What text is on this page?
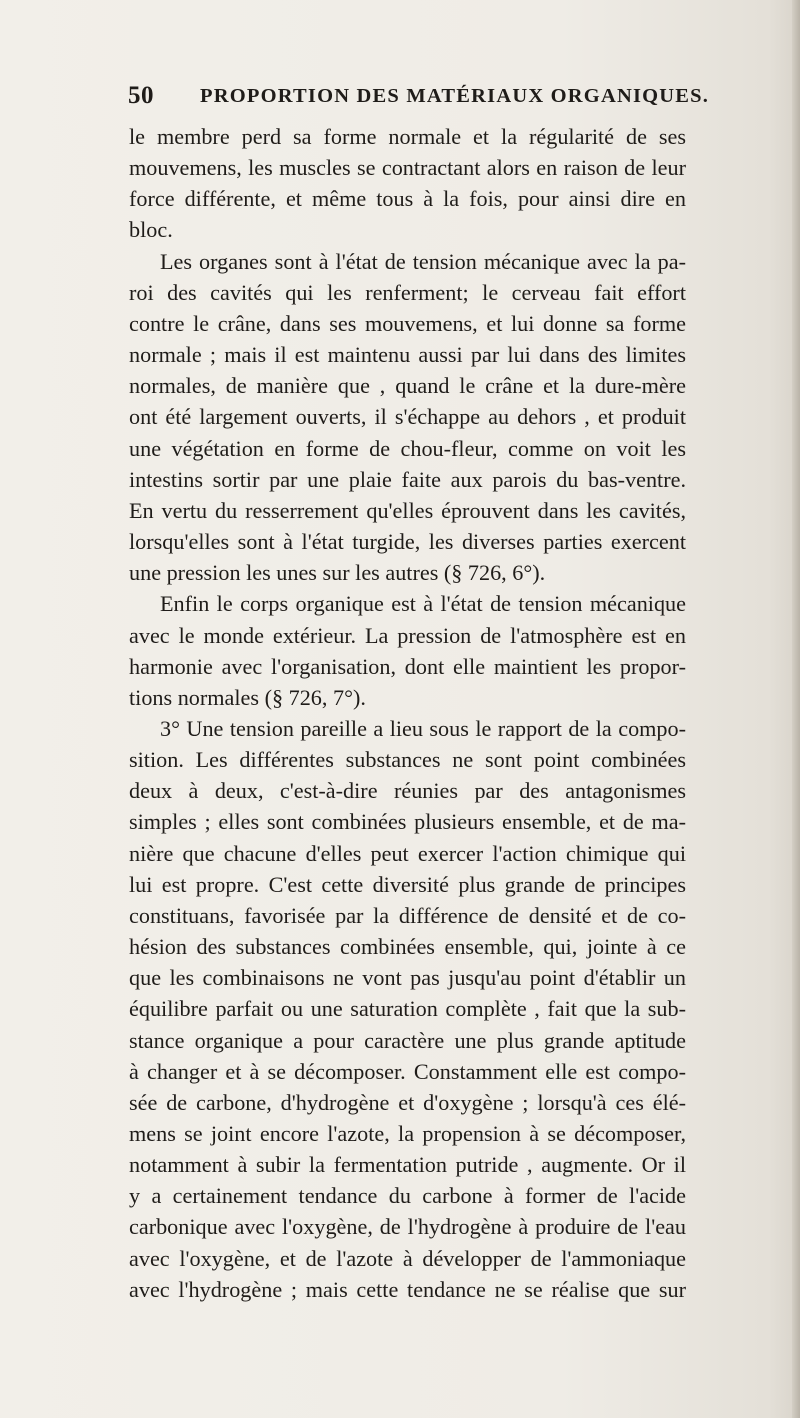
50 PROPORTION DES MATÉRIAUX ORGANIQUES.
le membre perd sa forme normale et la régularité de ses
mouvemens, les muscles se contractant alors en raison de leur
force différente, et même tous à la fois, pour ainsi dire en
bloc.
Les organes sont à l'état de tension mécanique avec la pa-
roi des cavités qui les renferment; le cerveau fait effort
contre le crâne, dans ses mouvemens, et lui donne sa forme
normale ; mais il est maintenu aussi par lui dans des limites
normales, de manière que , quand le crâne et la dure-mère
ont été largement ouverts, il s'échappe au dehors , et produit
une végétation en forme de chou-fleur, comme on voit les
intestins sortir par une plaie faite aux parois du bas-ventre.
En vertu du resserrement qu'elles éprouvent dans les cavités,
lorsqu'elles sont à l'état turgide, les diverses parties exercent
une pression les unes sur les autres (§ 726, 6°).
Enfin le corps organique est à l'état de tension mécanique
avec le monde extérieur. La pression de l'atmosphère est en
harmonie avec l'organisation, dont elle maintient les propor-
tions normales (§ 726, 7°).
3° Une tension pareille a lieu sous le rapport de la compo-
sition. Les différentes substances ne sont point combinées
deux à deux, c'est-à-dire réunies par des antagonismes
simples ; elles sont combinées plusieurs ensemble, et de ma-
nière que chacune d'elles peut exercer l'action chimique qui
lui est propre. C'est cette diversité plus grande de principes
constituans, favorisée par la différence de densité et de co-
hésion des substances combinées ensemble, qui, jointe à ce
que les combinaisons ne vont pas jusqu'au point d'établir un
équilibre parfait ou une saturation complète , fait que la sub-
stance organique a pour caractère une plus grande aptitude
à changer et à se décomposer. Constamment elle est compo-
sée de carbone, d'hydrogène et d'oxygène ; lorsqu'à ces élé-
mens se joint encore l'azote, la propension à se décomposer,
notamment à subir la fermentation putride , augmente. Or il
y a certainement tendance du carbone à former de l'acide
carbonique avec l'oxygène, de l'hydrogène à produire de l'eau
avec l'oxygène, et de l'azote à développer de l'ammoniaque
avec l'hydrogène ; mais cette tendance ne se réalise que sur
